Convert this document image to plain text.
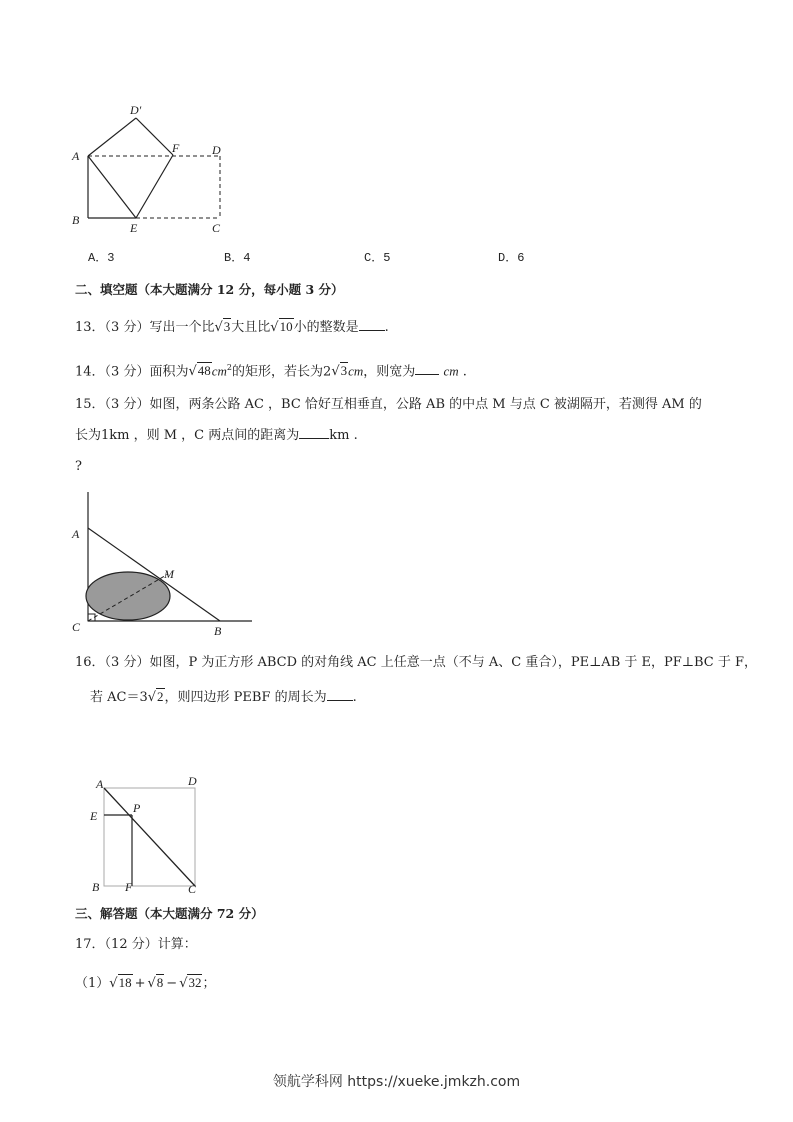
D′
A
F	D
B
E	C
A．3	B．4	C．5	D．6
二、填空题（本大题满分 12 分，每小题 3 分）
13．（3 分）写出一个比√3大且比√10小的整数是 .
14．（3 分）面积为$√48cm^2$的矩形，若长为2√3cm，则宽为 cm .
15．（3 分）如图，两条公路 AC ，BC 恰好互相垂直，公路 AB 的中点 M 与点 C 被湖隔开，若测得 AM 的
长为1km ，则 M ，C 两点间的距离为 km .
?
A
M
C	B
16．（3 分）如图，P 为正方形 ABCD 的对角线 AC 上任意一点（不与 A、C 重合），PE⊥AB 于 E，PF⊥BC 于 F，
若 AC＝3√2，则四边形 PEBF 的周长为 .
A	D
P
E
B F	C
三、解答题（本大题满分 72 分）
17．（12 分）计算：
（1）√18 + √8 − √32；
领航学科网 https://xueke.jmkzh.com
